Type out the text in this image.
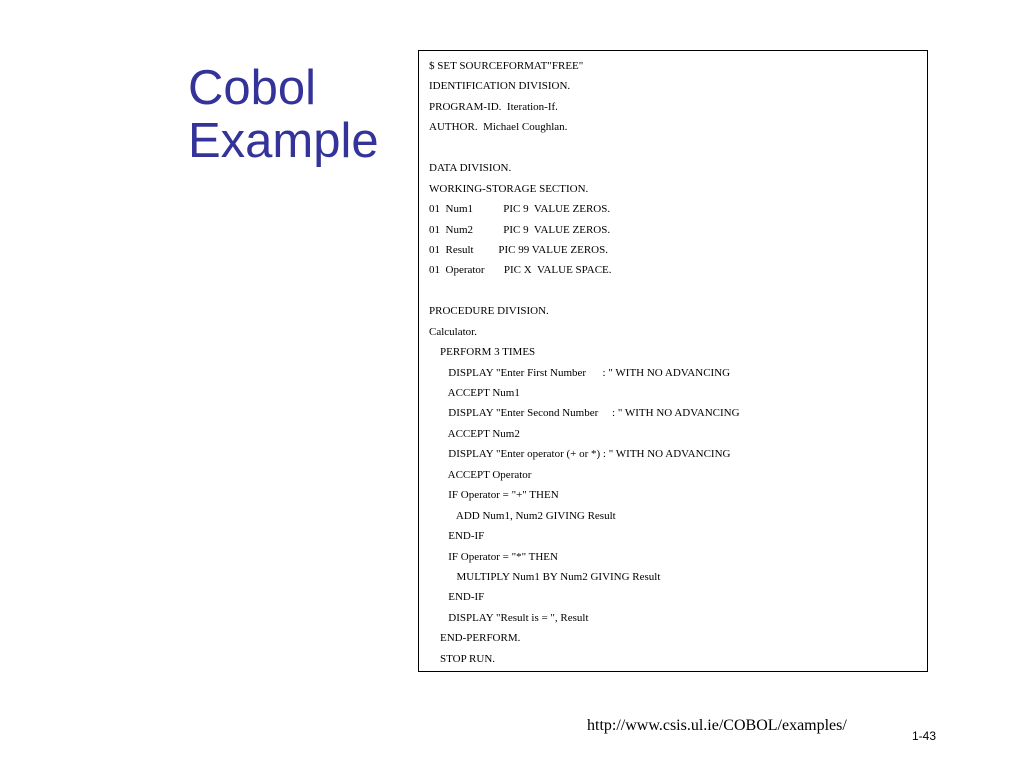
Cobol
Example
$ SET SOURCEFORMAT"FREE"
IDENTIFICATION DIVISION.
PROGRAM-ID.  Iteration-If.
AUTHOR.  Michael Coughlan.
DATA DIVISION.
WORKING-STORAGE SECTION.
01  Num1           PIC 9  VALUE ZEROS.
01  Num2           PIC 9  VALUE ZEROS.
01  Result         PIC 99 VALUE ZEROS.
01  Operator       PIC X  VALUE SPACE.
PROCEDURE DIVISION.
Calculator.
PERFORM 3 TIMES
DISPLAY "Enter First Number      : " WITH NO ADVANCING
ACCEPT Num1
DISPLAY "Enter Second Number     : " WITH NO ADVANCING
ACCEPT Num2
DISPLAY "Enter operator (+ or *) : " WITH NO ADVANCING
ACCEPT Operator
IF Operator = "+" THEN
ADD Num1, Num2 GIVING Result
END-IF
IF Operator = "*" THEN
MULTIPLY Num1 BY Num2 GIVING Result
END-IF
DISPLAY "Result is = ", Result
END-PERFORM.
STOP RUN.
http://www.csis.ul.ie/COBOL/examples/
1-43
